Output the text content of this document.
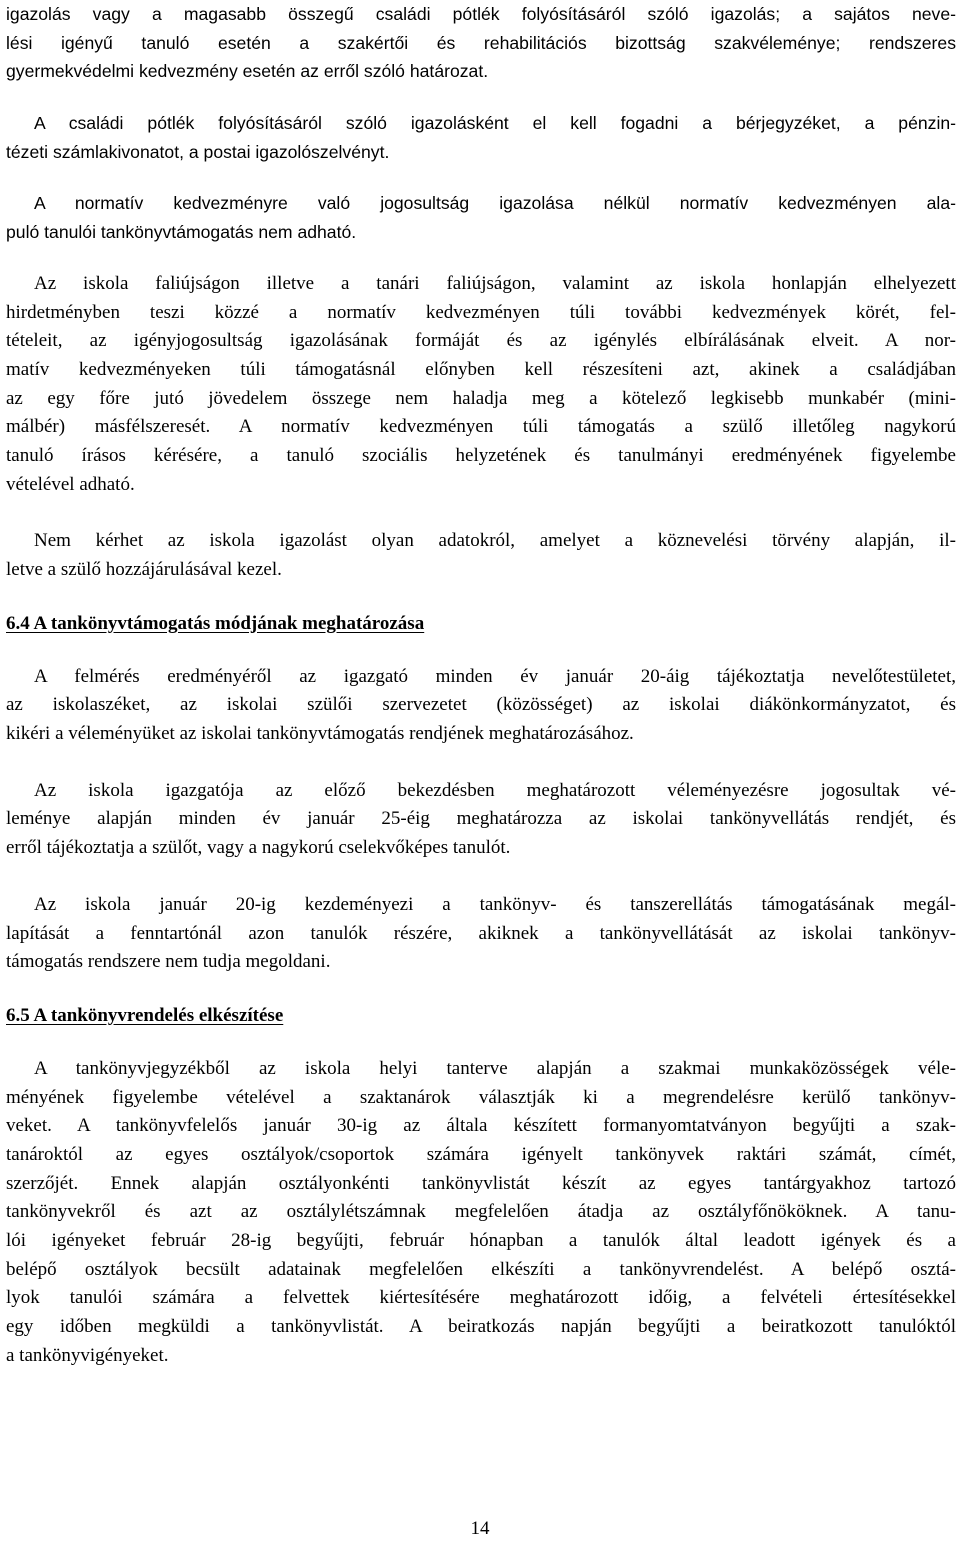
igazolás vagy a magasabb összegű családi pótlék folyósításáról szóló igazolás; a sajátos neve-
lési igényű tanuló esetén a szakértői és rehabilitációs bizottság szakvéleménye; rendszeres
gyermekvédelmi kedvezmény esetén az erről szóló határozat.
A családi pótlék folyósításáról szóló igazolásként el kell fogadni a bérjegyzéket, a pénzin-
tézeti számlakivonatot, a postai igazolószelvényt.
A normatív kedvezményre való jogosultság igazolása nélkül normatív kedvezményen ala-
puló tanulói tankönyvtámogatás nem adható.
Az iskola faliújságon illetve a tanári faliújságon, valamint az iskola honlapján elhelyezett
hirdetményben teszi közzé a normatív kedvezményen túli további kedvezmények körét, fel-
tételeit, az igényjogosultság igazolásának formáját és az igénylés elbírálásának elveit. A nor-
matív kedvezményeken túli támogatásnál előnyben kell részesíteni azt, akinek a családjában
az egy főre jutó jövedelem összege nem haladja meg a kötelező legkisebb munkabér (mini-
málbér) másfélszeresét. A normatív kedvezményen túli támogatás a szülő illetőleg nagykorú
tanuló írásos kérésére, a tanuló szociális helyzetének és tanulmányi eredményének figyelembe
vételével adható.
Nem kérhet az iskola igazolást olyan adatokról, amelyet a köznevelési törvény alapján, il-
letve a szülő hozzájárulásával kezel.
6.4 A tankönyvtámogatás módjának meghatározása
A felmérés eredményéről az igazgató minden év január 20-áig tájékoztatja nevelőtestületet,
az iskolaszéket, az iskolai szülői szervezetet (közösséget) az iskolai diákönkormányzatot, és
kikéri a véleményüket az iskolai tankönyvtámogatás rendjének meghatározásához.
Az iskola igazgatója az előző bekezdésben meghatározott véleményezésre jogosultak vé-
leménye alapján minden év január 25-éig meghatározza az iskolai tankönyvellátás rendjét, és
erről tájékoztatja a szülőt, vagy a nagykorú cselekvőképes tanulót.
Az iskola január 20-ig kezdeményezi a tankönyv- és tanszerellátás támogatásának megál-
lapítását a fenntartónál azon tanulók részére, akiknek a tankönyvellátását az iskolai tankönyv-
támogatás rendszere nem tudja megoldani.
6.5 A tankönyvrendelés elkészítése
A tankönyvjegyzékből az iskola helyi tanterve alapján a szakmai munkaközösségek véle-
ményének figyelembe vételével a szaktanárok választják ki a megrendelésre kerülő tankönyv-
veket. A tankönyvfelelős január 30-ig az általa készített formanyomtatványon begyűjti a szak-
tanároktól az egyes osztályok/csoportok számára igényelt tankönyvek raktári számát, címét,
szerzőjét. Ennek alapján osztályonkénti tankönyvlistát készít az egyes tantárgyakhoz tartozó
tankönyvekről és azt az osztálylétszámnak megfelelően átadja az osztályfőnököknek. A tanu-
lói igényeket február 28-ig begyűjti, február hónapban a tanulók által leadott igények és a
belépő osztályok becsült adatainak megfelelően elkészíti a tankönyvrendelést. A belépő osztá-
lyok tanulói számára a felvettek kiértesítésére meghatározott időig, a felvételi értesítésekkel
egy időben megküldi a tankönyvlistát. A beiratkozás napján begyűjti a beiratkozott tanulóktól
a tankönyvigényeket.
14
